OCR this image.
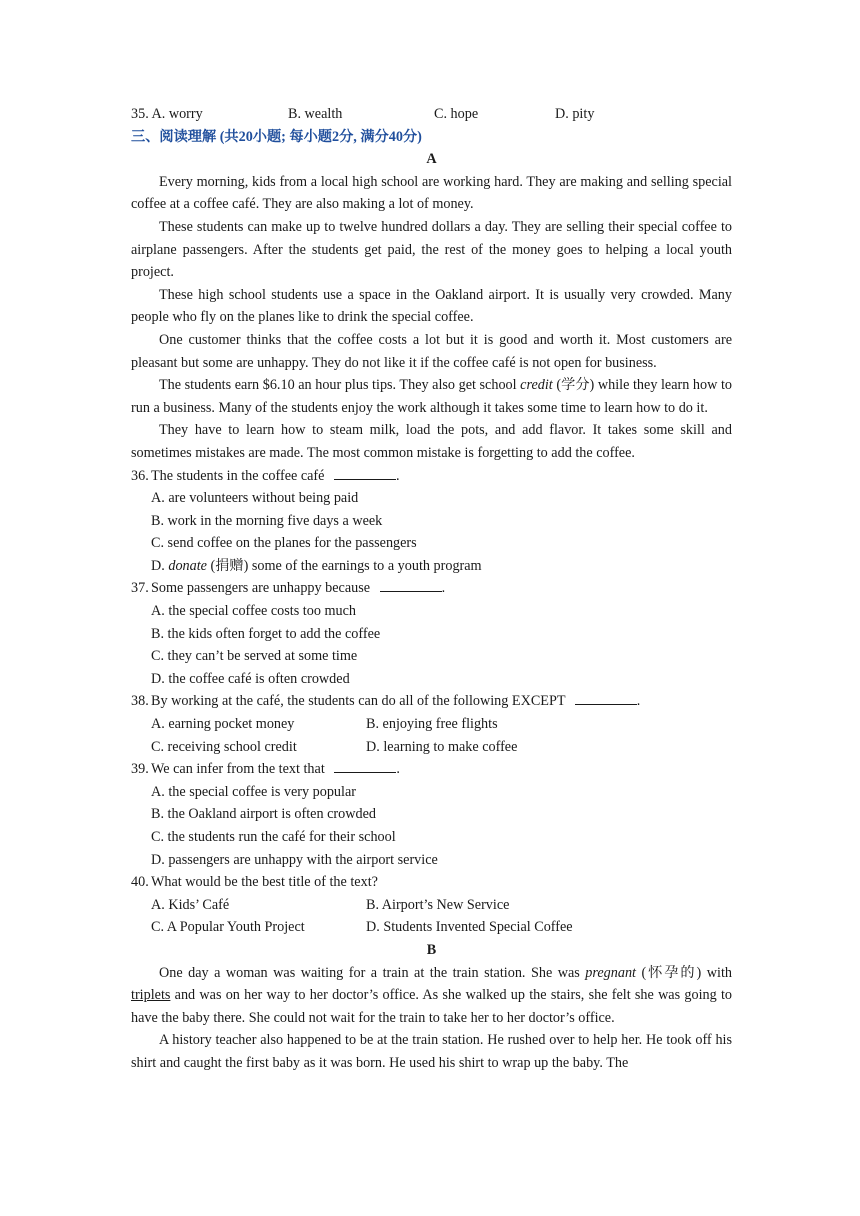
35. A. worry	B. wealth	C. hope	D. pity
三、阅读理解 (共20小题; 每小题2分, 满分40分)
A

Every morning, kids from a local high school are working hard. They are making and selling special coffee at a coffee café. They are also making a lot of money.

These students can make up to twelve hundred dollars a day. They are selling their special coffee to airplane passengers. After the students get paid, the rest of the money goes to helping a local youth project.

These high school students use a space in the Oakland airport. It is usually very crowded. Many people who fly on the planes like to drink the special coffee.

One customer thinks that the coffee costs a lot but it is good and worth it. Most customers are pleasant but some are unhappy. They do not like it if the coffee café is not open for business.

The students earn $6.10 an hour plus tips. They also get school credit (学分) while they learn how to run a business. Many of the students enjoy the work although it takes some time to learn how to do it.

They have to learn how to steam milk, load the pots, and add flavor. It takes some skill and sometimes mistakes are made. The most common mistake is forgetting to add the coffee.

36. The students in the coffee café	.
A. are volunteers without being paid
B. work in the morning five days a week
C. send coffee on the planes for the passengers
D. donate (捐赠) some of the earnings to a youth program
37. Some passengers are unhappy because	.
A. the special coffee costs too much
B. the kids often forget to add the coffee
C. they can’t be served at some time
D. the coffee café is often crowded
38. By working at the café, the students can do all of the following EXCEPT	.
A. earning pocket money	B. enjoying free flights
C. receiving school credit	D. learning to make coffee
39. We can infer from the text that	.
A. the special coffee is very popular
B. the Oakland airport is often crowded
C. the students run the café for their school
D. passengers are unhappy with the airport service
40. What would be the best title of the text?
A. Kids’ Café	B. Airport’s New Service
C. A Popular Youth Project	D. Students Invented Special Coffee
B

One day a woman was waiting for a train at the train station. She was pregnant (怀孕的) with triplets and was on her way to her doctor’s office. As she walked up the stairs, she felt she was going to have the baby there. She could not wait for the train to take her to her doctor’s office.

A history teacher also happened to be at the train station. He rushed over to help her. He took off his shirt and caught the first baby as it was born. He used his shirt to wrap up the baby. The
